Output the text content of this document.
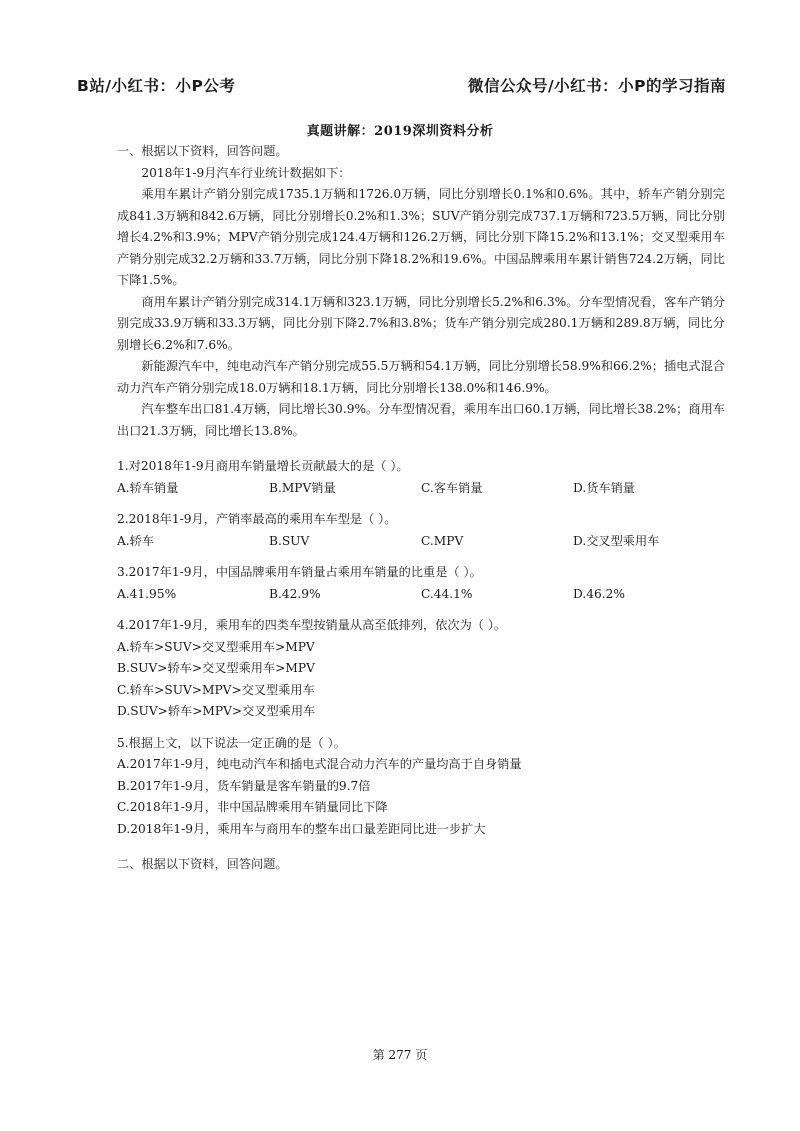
B站/小红书：小P公考	微信公众号/小红书：小P的学习指南
真题讲解：2019深圳资料分析

一、根据以下资料，回答问题。

2018年1-9月汽车行业统计数据如下：

乘用车累计产销分别完成1735.1万辆和1726.0万辆，同比分别增长0.1%和0.6%。其中，轿车产销分别完成841.3万辆和842.6万辆，同比分别增长0.2%和1.3%；SUV产销分别完成737.1万辆和723.5万辆，同比分别增长4.2%和3.9%；MPV产销分别完成124.4万辆和126.2万辆，同比分别下降15.2%和13.1%；交叉型乘用车产销分别完成32.2万辆和33.7万辆，同比分别下降18.2%和19.6%。中国品牌乘用车累计销售724.2万辆，同比下降1.5%。

商用车累计产销分别完成314.1万辆和323.1万辆，同比分别增长5.2%和6.3%。分车型情况看，客车产销分别完成33.9万辆和33.3万辆，同比分别下降2.7%和3.8%；货车产销分别完成280.1万辆和289.8万辆，同比分别增长6.2%和7.6%。

新能源汽车中，纯电动汽车产销分别完成55.5万辆和54.1万辆，同比分别增长58.9%和66.2%；插电式混合动力汽车产销分别完成18.0万辆和18.1万辆，同比分别增长138.0%和146.9%。

汽车整车出口81.4万辆，同比增长30.9%。分车型情况看，乘用车出口60.1万辆，同比增长38.2%；商用车出口21.3万辆，同比增长13.8%。

1.对2018年1-9月商用车销量增长贡献最大的是（ ）。

A.轿车销量	B.MPV销量	C.客车销量	D.货车销量

2.2018年1-9月，产销率最高的乘用车车型是（ ）。

A.轿车	B.SUV	C.MPV	D.交叉型乘用车

3.2017年1-9月，中国品牌乘用车销量占乘用车销量的比重是（ ）。

A.41.95%	B.42.9%	C.44.1%	D.46.2%

4.2017年1-9月，乘用车的四类车型按销量从高至低排列，依次为（ ）。

A.轿车>SUV>交叉型乘用车>MPV

B.SUV>轿车>交叉型乘用车>MPV

C.轿车>SUV>MPV>交叉型乘用车

D.SUV>轿车>MPV>交叉型乘用车

5.根据上文，以下说法一定正确的是（ ）。

A.2017年1-9月，纯电动汽车和插电式混合动力汽车的产量均高于自身销量

B.2017年1-9月，货车销量是客车销量的9.7倍

C.2018年1-9月，非中国品牌乘用车销量同比下降

D.2018年1-9月，乘用车与商用车的整车出口量差距同比进一步扩大

二、根据以下资料，回答问题。

第 277 页
